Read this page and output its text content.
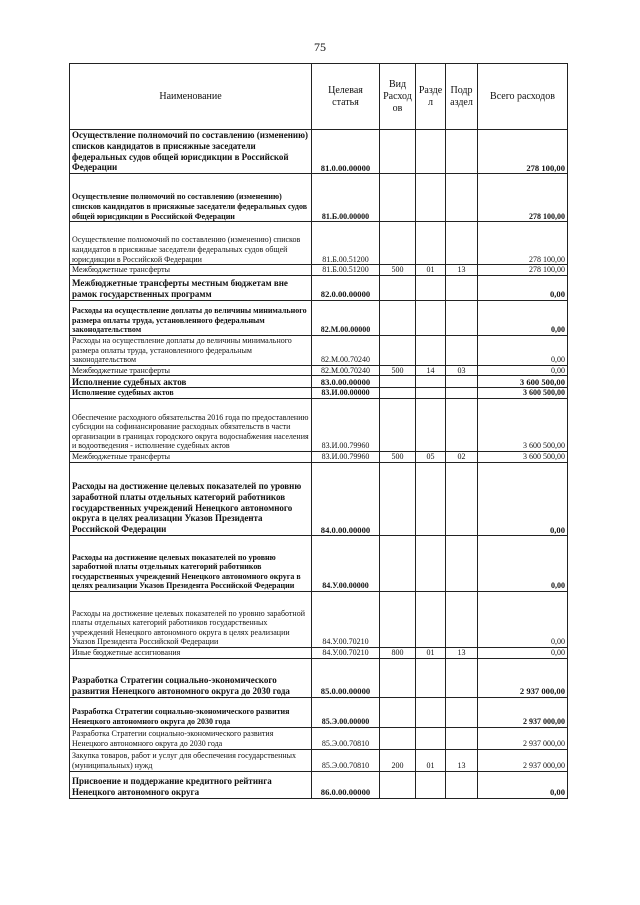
75
Наименование	Целевая статья	Вид Расход ов	Разде л	Подр аздел	Всего расходов
Осуществление полномочий по составлению (изменению) списков кандидатов в присяжные заседатели федеральных судов общей юрисдикции в Российской Федерации	81.0.00.00000				278 100,00
Осуществление полномочий по составлению (изменению) списков кандидатов в присяжные заседатели федеральных судов общей юрисдикции в Российской Федерации	81.Б.00.00000				278 100,00
Осуществление полномочий по составлению (изменению) списков кандидатов в присяжные заседатели федеральных судов общей юрисдикции в Российской Федерации	81.Б.00.51200				278 100,00
Межбюджетные трансферты	81.Б.00.51200	500	01	13	278 100,00
Межбюджетные трансферты местным бюджетам вне рамок государственных программ	82.0.00.00000				0,00
Расходы на осуществление доплаты до величины минимального размера оплаты труда, установленного федеральным законодательством	82.М.00.00000				0,00
Расходы на осуществление доплаты до величины минимального размера оплаты труда, установленного федеральным законодательством	82.М.00.70240				0,00
Межбюджетные трансферты	82.М.00.70240	500	14	03	0,00
Исполнение судебных актов	83.0.00.00000				3 600 500,00
Исполнение судебных актов	83.И.00.00000				3 600 500,00
Обеспечение расходного обязательства 2016 года по предоставлению субсидии на софинансирование расходных обязательств в части организации в границах городского округа водоснабжения населения и водоотведения - исполнение судебных актов	83.И.00.79960				3 600 500,00
Межбюджетные трансферты	83.И.00.79960	500	05	02	3 600 500,00
Расходы на достижение целевых показателей по уровню заработной платы отдельных категорий работников государственных учреждений Ненецкого автономного округа в целях реализации Указов Президента Российской Федерации	84.0.00.00000				0,00
Расходы на достижение целевых показателей по уровню заработной платы отдельных категорий работников государственных учреждений Ненецкого автономного округа в целях реализации Указов Президента Российской Федерации	84.У.00.00000				0,00
Расходы на достижение целевых показателей по уровню заработной платы отдельных категорий работников государственных учреждений Ненецкого автономного округа в целях реализации Указов Президента Российской Федерации	84.У.00.70210				0,00
Иные бюджетные ассигнования	84.У.00.70210	800	01	13	0,00
Разработка Стратегии социально-экономического развития Ненецкого автономного округа до 2030 года	85.0.00.00000				2 937 000,00
Разработка Стратегии социально-экономического развития Ненецкого автономного округа до 2030 года	85.Э.00.00000				2 937 000,00
Разработка Стратегии социально-экономического развития Ненецкого автономного округа до 2030 года	85.Э.00.70810				2 937 000,00
Закупка товаров, работ и услуг для обеспечения государственных (муниципальных) нужд	85.Э.00.70810	200	01	13	2 937 000,00
Присвоение и поддержание кредитного рейтинга Ненецкого автономного округа	86.0.00.00000				0,00
